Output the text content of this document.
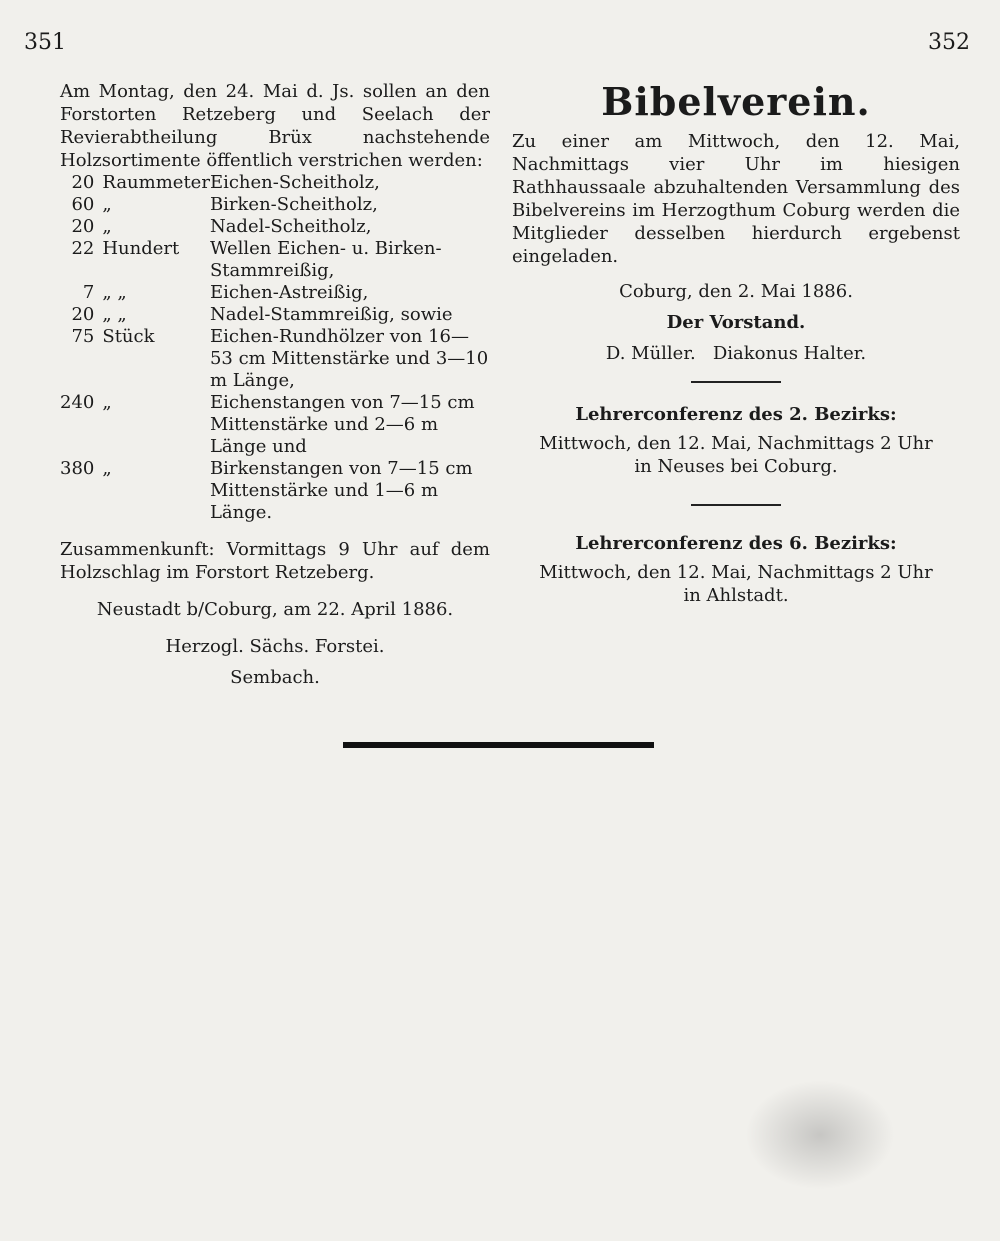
351	352

Am Montag, den 24. Mai d. Js. sollen an den Forstorten Retzeberg und Seelach der Revierabtheilung Brüx nachstehende Holzsortimente öffentlich verstrichen werden:

20	Raummeter	Eichen-Scheitholz,
60	„	Birken-Scheitholz,
20	„	Nadel-Scheitholz,
22	Hundert	Wellen Eichen- u. Birken-Stammreißig,
7	„ „	Eichen-Astreißig,
20	„ „	Nadel-Stammreißig, sowie
75	Stück	Eichen-Rundhölzer von 16—53 cm Mittenstärke und 3—10 m Länge,
240	„	Eichenstangen von 7—15 cm Mittenstärke und 2—6 m Länge und
380	„	Birkenstangen von 7—15 cm Mittenstärke und 1—6 m Länge.

Zusammenkunft: Vormittags 9 Uhr auf dem Holzschlag im Forstort Retzeberg.

Neustadt b/Coburg, am 22. April 1886.

Herzogl. Sächs. Forstei.

Sembach.

Bibelverein.

Zu einer am Mittwoch, den 12. Mai, Nachmittags vier Uhr im hiesigen Rathhaussaale abzuhaltenden Versammlung des Bibelvereins im Herzogthum Coburg werden die Mitglieder desselben hierdurch ergebenst eingeladen.

Coburg, den 2. Mai 1886.

Der Vorstand.

D. Müller.   Diakonus Halter.

Lehrerconferenz des 2. Bezirks:

Mittwoch, den 12. Mai, Nachmittags 2 Uhr

in Neuses bei Coburg.

Lehrerconferenz des 6. Bezirks:

Mittwoch, den 12. Mai, Nachmittags 2 Uhr

in Ahlstadt.
